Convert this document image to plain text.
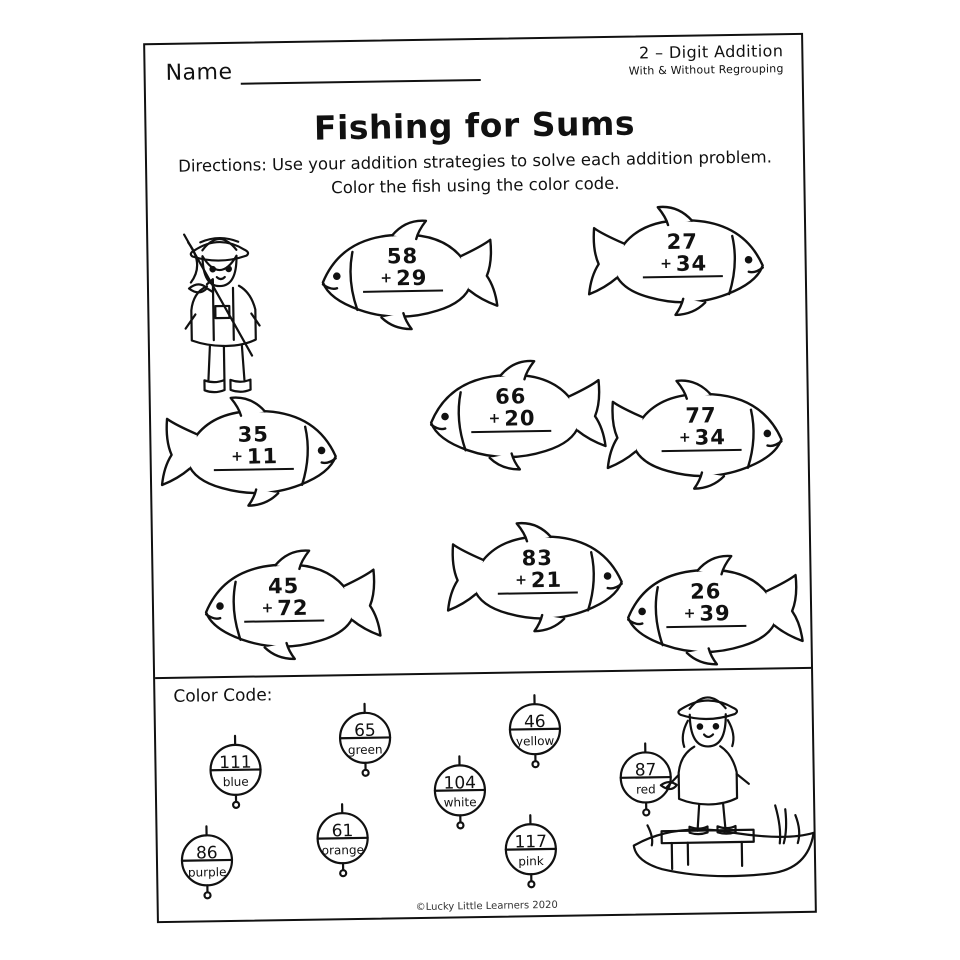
Name
2 – Digit Addition
With & Without Regrouping
Fishing for Sums
Directions: Use your addition strategies to solve each addition problem.
Color the fish using the color code.
58
+ 29
27
+ 34
66
+ 20
35
+ 11
77
+ 34
83
+ 21
45
+ 72
26
+ 39
Color Code:
111
blue
65
green
46
yellow
104
white
87
red
61
orange
86
purple
117
pink
©Lucky Little Learners 2020
